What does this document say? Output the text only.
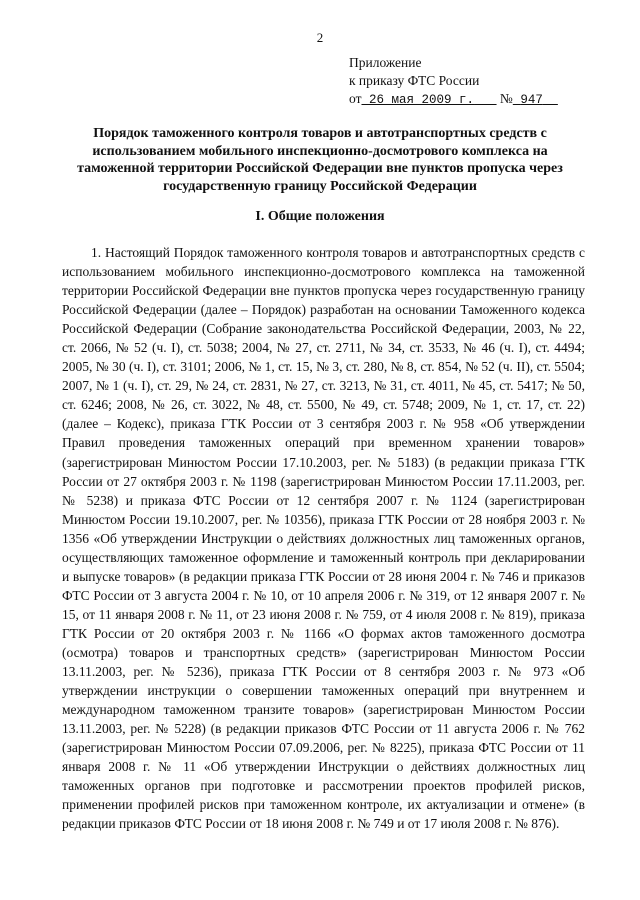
2
Приложение
к приказу ФТС России
от 26 мая 2009 г. № 947
Порядок таможенного контроля товаров и автотранспортных средств с использованием мобильного инспекционно-досмотрового комплекса на таможенной территории Российской Федерации вне пунктов пропуска через государственную границу Российской Федерации
I. Общие положения
1. Настоящий Порядок таможенного контроля товаров и автотранспортных средств с использованием мобильного инспекционно-досмотрового комплекса на таможенной территории Российской Федерации вне пунктов пропуска через государственную границу Российской Федерации (далее – Порядок) разработан на основании Таможенного кодекса Российской Федерации (Собрание законодательства Российской Федерации, 2003, № 22, ст. 2066, № 52 (ч. I), ст. 5038; 2004, № 27, ст. 2711, № 34, ст. 3533, № 46 (ч. I), ст. 4494; 2005, № 30 (ч. I), ст. 3101; 2006, № 1, ст. 15, № 3, ст. 280, № 8, ст. 854, № 52 (ч. II), ст. 5504; 2007, № 1 (ч. I), ст. 29, № 24, ст. 2831, № 27, ст. 3213, № 31, ст. 4011, № 45, ст. 5417; № 50, ст. 6246; 2008, № 26, ст. 3022, № 48, ст. 5500, № 49, ст. 5748; 2009, № 1, ст. 17, ст. 22) (далее – Кодекс), приказа ГТК России от 3 сентября 2003 г. № 958 «Об утверждении Правил проведения таможенных операций при временном хранении товаров» (зарегистрирован Минюстом России 17.10.2003, рег. № 5183) (в редакции приказа ГТК России от 27 октября 2003 г. № 1198 (зарегистрирован Минюстом России 17.11.2003, рег. № 5238) и приказа ФТС России от 12 сентября 2007 г. № 1124 (зарегистрирован Минюстом России 19.10.2007, рег. № 10356), приказа ГТК России от 28 ноября 2003 г. № 1356 «Об утверждении Инструкции о действиях должностных лиц таможенных органов, осуществляющих таможенное оформление и таможенный контроль при декларировании и выпуске товаров» (в редакции приказа ГТК России от 28 июня 2004 г. № 746 и приказов ФТС России от 3 августа 2004 г. № 10, от 10 апреля 2006 г. № 319, от 12 января 2007 г. № 15, от 11 января 2008 г. № 11, от 23 июня 2008 г. № 759, от 4 июля 2008 г. № 819), приказа ГТК России от 20 октября 2003 г. № 1166 «О формах актов таможенного досмотра (осмотра) товаров и транспортных средств» (зарегистрирован Минюстом России 13.11.2003, рег. № 5236), приказа ГТК России от 8 сентября 2003 г. № 973 «Об утверждении инструкции о совершении таможенных операций при внутреннем и международном таможенном транзите товаров» (зарегистрирован Минюстом России 13.11.2003, рег. № 5228) (в редакции приказов ФТС России от 11 августа 2006 г. № 762 (зарегистрирован Минюстом России 07.09.2006, рег. № 8225), приказа ФТС России от 11 января 2008 г. № 11 «Об утверждении Инструкции о действиях должностных лиц таможенных органов при подготовке и рассмотрении проектов профилей рисков, применении профилей рисков при таможенном контроле, их актуализации и отмене» (в редакции приказов ФТС России от 18 июня 2008 г. № 749 и от 17 июля 2008 г. № 876).
